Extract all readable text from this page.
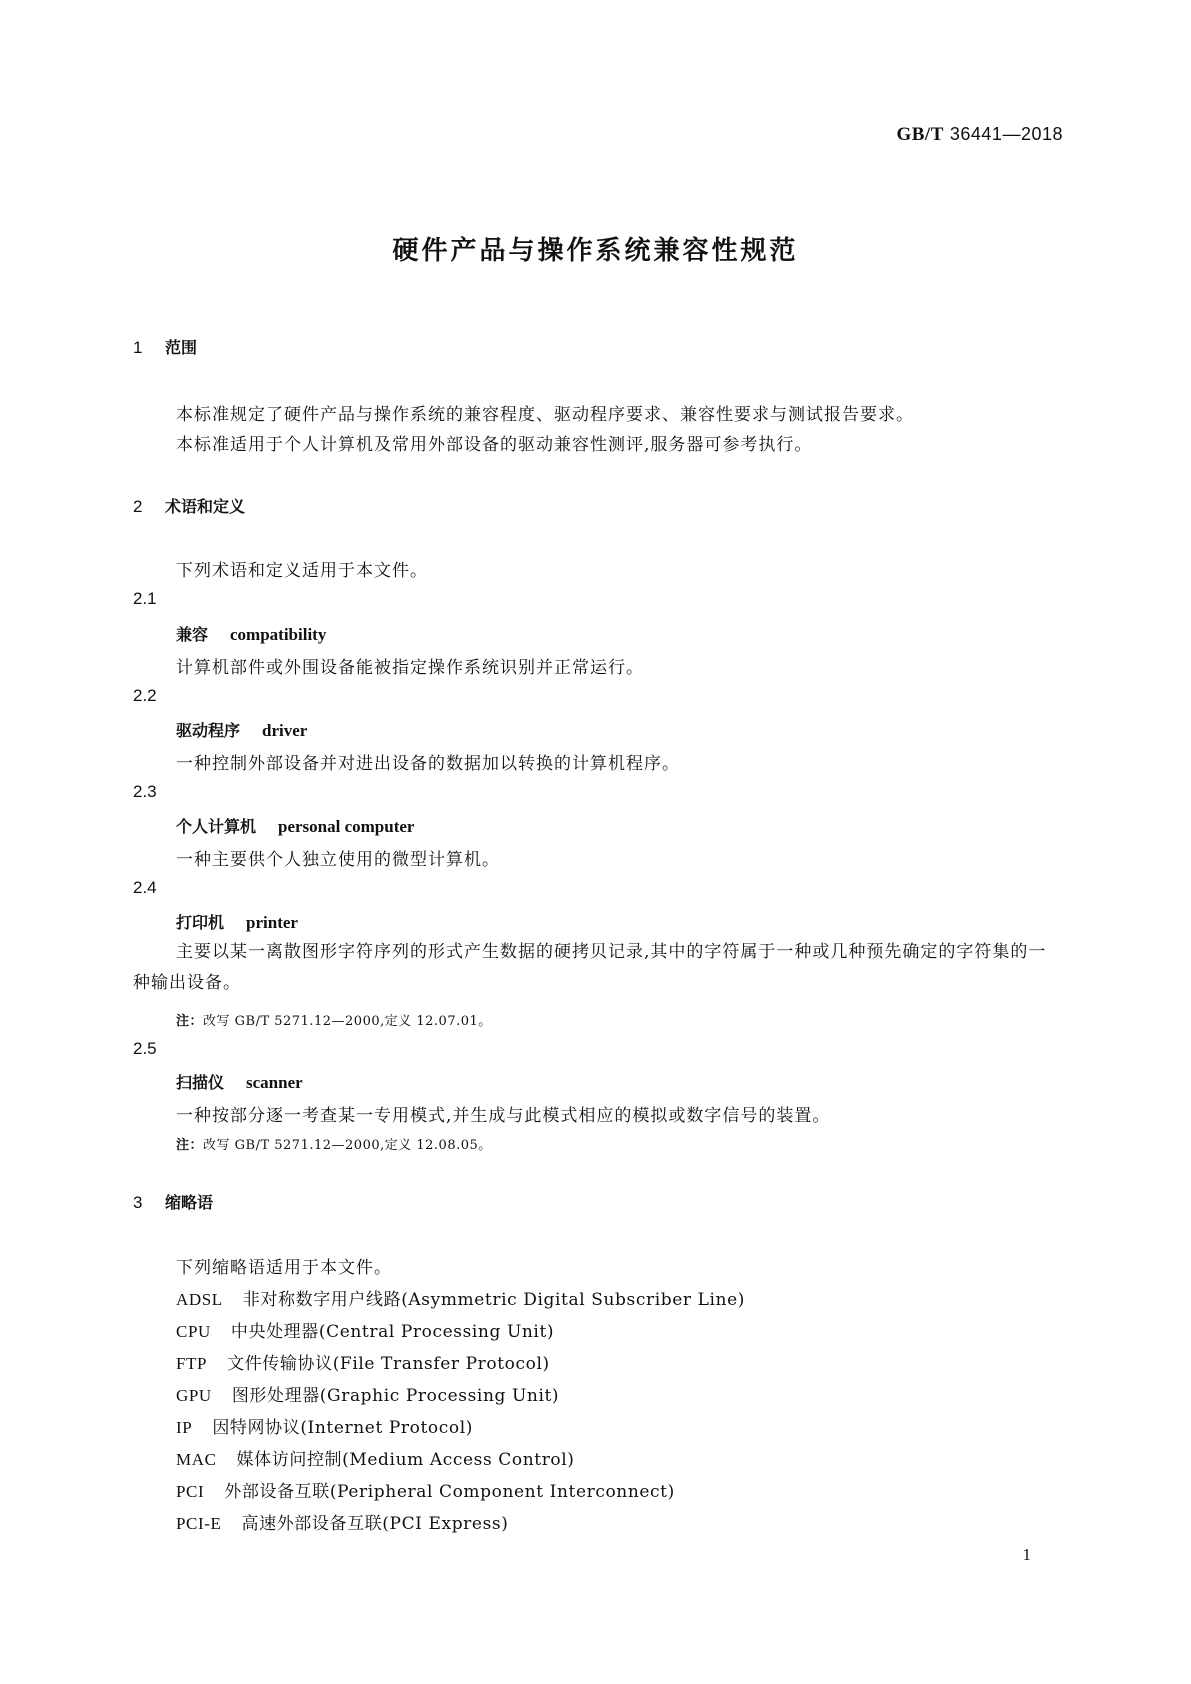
GB/T 36441—2018
硬件产品与操作系统兼容性规范
1 范围
本标准规定了硬件产品与操作系统的兼容程度、驱动程序要求、兼容性要求与测试报告要求。
本标准适用于个人计算机及常用外部设备的驱动兼容性测评,服务器可参考执行。
2 术语和定义
下列术语和定义适用于本文件。
2.1
兼容 compatibility
计算机部件或外围设备能被指定操作系统识别并正常运行。
2.2
驱动程序 driver
一种控制外部设备并对进出设备的数据加以转换的计算机程序。
2.3
个人计算机 personal computer
一种主要供个人独立使用的微型计算机。
2.4
打印机 printer
主要以某一离散图形字符序列的形式产生数据的硬拷贝记录,其中的字符属于一种或几种预先确定的字符集的一种输出设备。
注：改写 GB/T 5271.12—2000,定义 12.07.01。
2.5
扫描仪 scanner
一种按部分逐一考查某一专用模式,并生成与此模式相应的模拟或数字信号的装置。
注：改写 GB/T 5271.12—2000,定义 12.08.05。
3 缩略语
下列缩略语适用于本文件。
ADSL 非对称数字用户线路(Asymmetric Digital Subscriber Line)
CPU 中央处理器(Central Processing Unit)
FTP 文件传输协议(File Transfer Protocol)
GPU 图形处理器(Graphic Processing Unit)
IP 因特网协议(Internet Protocol)
MAC 媒体访问控制(Medium Access Control)
PCI 外部设备互联(Peripheral Component Interconnect)
PCI-E 高速外部设备互联(PCI Express)
1
